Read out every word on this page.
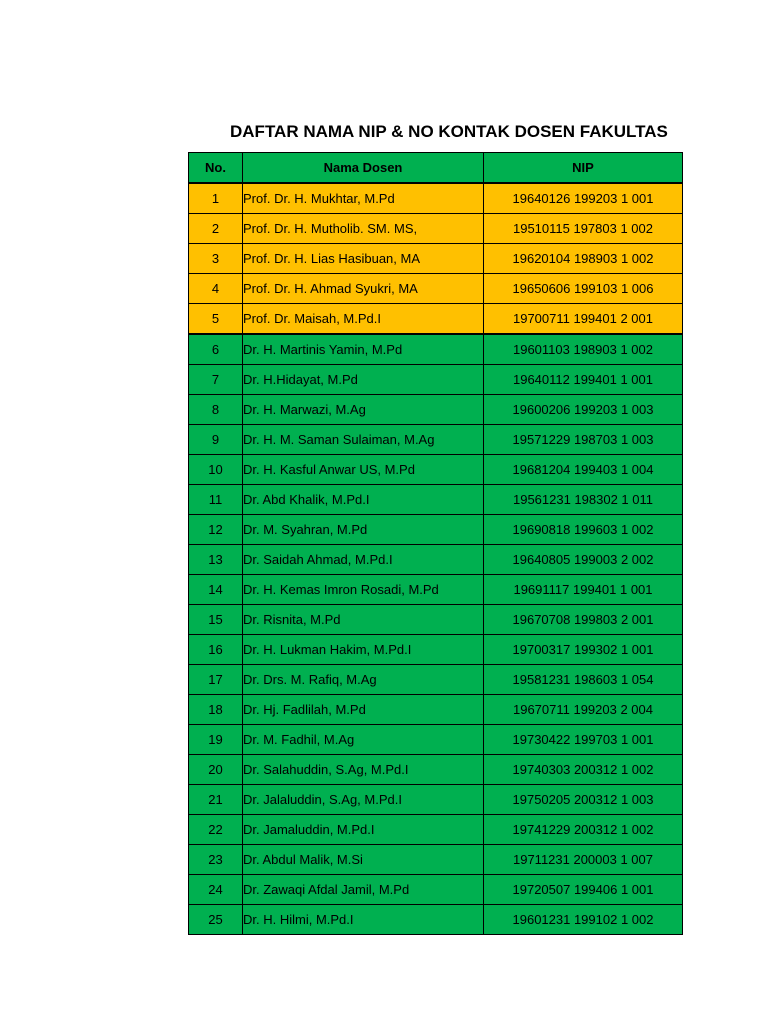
DAFTAR NAMA NIP & NO KONTAK DOSEN FAKULTAS
No.	Nama Dosen	NIP
1	Prof. Dr. H. Mukhtar, M.Pd	19640126 199203 1 001
2	Prof. Dr. H. Mutholib. SM. MS,	19510115 197803 1 002
3	Prof. Dr. H. Lias Hasibuan, MA	19620104 198903 1 002
4	Prof. Dr. H. Ahmad Syukri, MA	19650606 199103 1 006
5	Prof. Dr. Maisah, M.Pd.I	19700711 199401 2 001
6	Dr. H. Martinis Yamin, M.Pd	19601103 198903 1 002
7	Dr. H.Hidayat, M.Pd	19640112 199401 1 001
8	Dr. H. Marwazi, M.Ag	19600206 199203 1 003
9	Dr. H. M. Saman Sulaiman, M.Ag	19571229 198703 1 003
10	Dr. H. Kasful Anwar US, M.Pd	19681204 199403 1 004
11	Dr. Abd Khalik, M.Pd.I	19561231 198302 1 011
12	Dr. M. Syahran, M.Pd	19690818 199603 1 002
13	Dr. Saidah Ahmad, M.Pd.I	19640805 199003 2 002
14	Dr. H. Kemas Imron Rosadi, M.Pd	19691117 199401 1 001
15	Dr. Risnita, M.Pd	19670708 199803 2 001
16	Dr. H. Lukman Hakim, M.Pd.I	19700317 199302 1 001
17	Dr. Drs. M. Rafiq, M.Ag	19581231 198603 1 054
18	Dr. Hj. Fadlilah, M.Pd	19670711 199203 2 004
19	Dr. M. Fadhil, M.Ag	19730422 199703 1 001
20	Dr. Salahuddin, S.Ag, M.Pd.I	19740303 200312 1 002
21	Dr. Jalaluddin, S.Ag, M.Pd.I	19750205 200312 1 003
22	Dr. Jamaluddin, M.Pd.I	19741229 200312 1 002
23	Dr. Abdul Malik, M.Si	19711231 200003 1 007
24	Dr. Zawaqi Afdal Jamil, M.Pd	19720507 199406 1 001
25	Dr. H. Hilmi, M.Pd.I	19601231 199102 1 002
